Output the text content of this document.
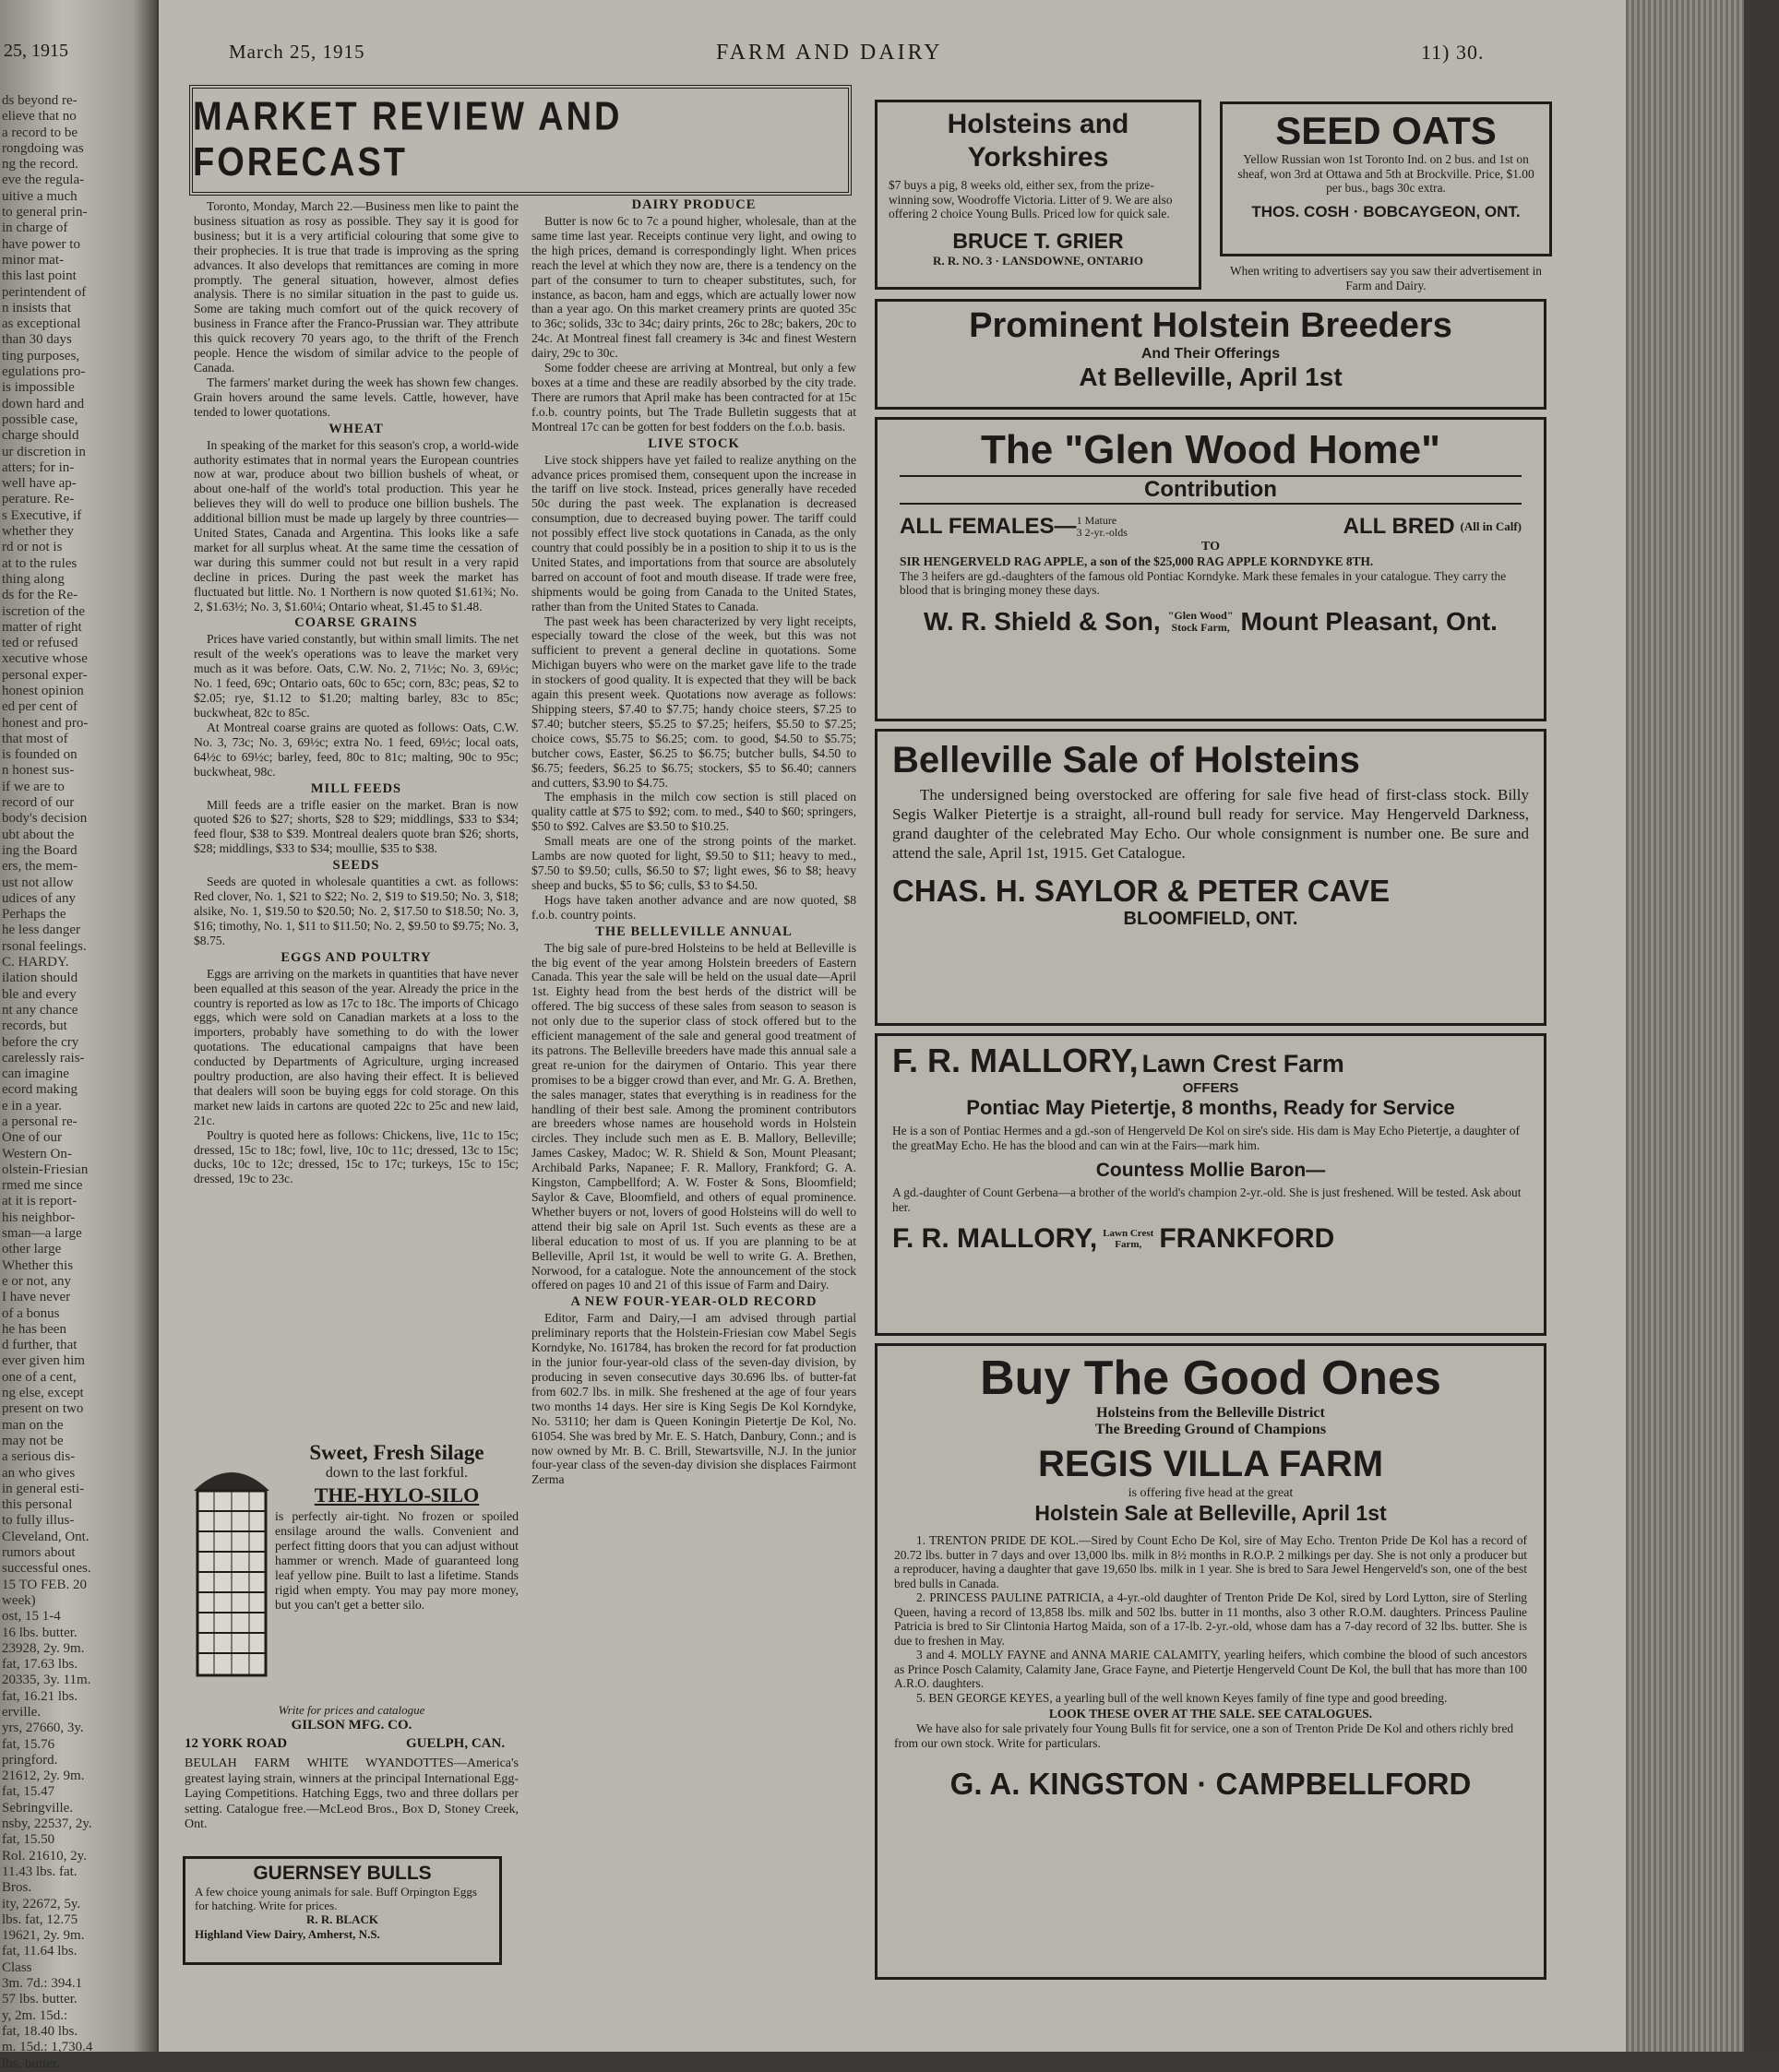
25, 1915
ds beyond re-
elieve that no
a record to be
rongdoing was
ng the record.
eve the regula-
uitive a much
to general prin-
in charge of
have power to
minor mat-
this last point
perintendent of
n insists that
as exceptional
than 30 days
ting purposes,
egulations pro-
is impossible
down hard and
possible case,
charge should
ur discretion in
atters; for in-
well have ap-
perature. Re-
s Executive, if
whether they
rd or not is
at to the rules
thing along
ds for the Re-
iscretion of the
matter of right
ted or refused
xecutive whose
personal exper-
honest opinion
ed per cent of
honest and pro-
that most of
is founded on
n honest sus-
if we are to
record of our
body's decision
ubt about the
ing the Board
ers, the mem-
ust not allow
udices of any
Perhaps the
he less danger
rsonal feelings.
C. HARDY.
ilation should
ble and every
nt any chance
records, but
before the cry
carelessly rais-
can imagine
ecord making
e in a year.
a personal re-
One of our
Western On-
olstein-Friesian
rmed me since
at it is report-
his neighbor-
sman—a large
other large
Whether this
e or not, any
I have never
of a bonus
he has been
d further, that
ever given him
one of a cent,
ng else, except
present on two
man on the
may not be
a serious dis-
an who gives
in general esti-
this personal
to fully illus-
Cleveland, Ont.
rumors about
successful ones.
15 TO FEB. 20
week)
ost, 15 1-4
16 lbs. butter.
23928, 2y. 9m.
fat, 17.63 lbs.
20335, 3y. 11m.
fat, 16.21 lbs.
erville.
yrs, 27660, 3y.
fat, 15.76
pringford.
21612, 2y. 9m.
fat, 15.47
Sebringville.
nsby, 22537, 2y.
fat, 15.50
Rol. 21610, 2y.
11.43 lbs. fat.
Bros.
ity, 22672, 5y.
lbs. fat, 12.75
19621, 2y. 9m.
fat, 11.64 lbs.
Class
3m. 7d.: 394.1
57 lbs. butter.
y, 2m. 15d.:
fat, 18.40 lbs.
m. 15d.: 1,730.4
lbs. butter.
March 25, 1915	FARM AND DAIRY	11) 30.
MARKET REVIEW AND FORECAST

Toronto, Monday, March 22.—Business men like to paint the business situation as rosy as possible. They say it is good for business; but it is a very artificial colouring that some give to their prophecies. It is true that trade is improving as the spring advances. It also develops that remittances are coming in more promptly. The general situation, however, almost defies analysis. There is no similar situation in the past to guide us. Some are taking much comfort out of the quick recovery of business in France after the Franco-Prussian war. They attribute this quick recovery 70 years ago, to the thrift of the French people. Hence the wisdom of similar advice to the people of Canada.

The farmers' market during the week has shown few changes. Grain hovers around the same levels. Cattle, however, have tended to lower quotations.

WHEAT

In speaking of the market for this season's crop, a world-wide authority estimates that in normal years the European countries now at war, produce about two billion bushels of wheat, or about one-half of the world's total production. This year he believes they will do well to produce one billion bushels. The additional billion must be made up largely by three countries—United States, Canada and Argentina. This looks like a safe market for all surplus wheat. At the same time the cessation of war during this summer could not but result in a very rapid decline in prices. During the past week the market has fluctuated but little. No. 1 Northern is now quoted $1.61¾; No. 2, $1.63½; No. 3, $1.60¼; Ontario wheat, $1.45 to $1.48.

COARSE GRAINS

Prices have varied constantly, but within small limits. The net result of the week's operations was to leave the market very much as it was before. Oats, C.W. No. 2, 71½c; No. 3, 69½c; No. 1 feed, 69c; Ontario oats, 60c to 65c; corn, 83c; peas, $2 to $2.05; rye, $1.12 to $1.20; malting barley, 83c to 85c; buckwheat, 82c to 85c.

At Montreal coarse grains are quoted as follows: Oats, C.W. No. 3, 73c; No. 3, 69½c; extra No. 1 feed, 69½c; local oats, 64½c to 69½c; barley, feed, 80c to 81c; malting, 90c to 95c; buckwheat, 98c.

MILL FEEDS

Mill feeds are a trifle easier on the market. Bran is now quoted $26 to $27; shorts, $28 to $29; middlings, $33 to $34; feed flour, $38 to $39. Montreal dealers quote bran $26; shorts, $28; middlings, $33 to $34; moullie, $35 to $38.

SEEDS

Seeds are quoted in wholesale quantities a cwt. as follows: Red clover, No. 1, $21 to $22; No. 2, $19 to $19.50; No. 3, $18; alsike, No. 1, $19.50 to $20.50; No. 2, $17.50 to $18.50; No. 3, $16; timothy, No. 1, $11 to $11.50; No. 2, $9.50 to $9.75; No. 3, $8.75.

EGGS AND POULTRY

Eggs are arriving on the markets in quantities that have never been equalled at this season of the year. Already the price in the country is reported as low as 17c to 18c. The imports of Chicago eggs, which were sold on Canadian markets at a loss to the importers, probably have something to do with the lower quotations. The educational campaigns that have been conducted by Departments of Agriculture, urging increased poultry production, are also having their effect. It is believed that dealers will soon be buying eggs for cold storage. On this market new laids in cartons are quoted 22c to 25c and new laid, 21c.

Poultry is quoted here as follows: Chickens, live, 11c to 15c; dressed, 15c to 18c; fowl, live, 10c to 11c; dressed, 13c to 15c; ducks, 10c to 12c; dressed, 15c to 17c; turkeys, 15c to 15c; dressed, 19c to 23c.

DAIRY PRODUCE

Butter is now 6c to 7c a pound higher, wholesale, than at the same time last year. Receipts continue very light, and owing to the high prices, demand is correspondingly light. When prices reach the level at which they now are, there is a tendency on the part of the consumer to turn to cheaper substitutes, such, for instance, as bacon, ham and eggs, which are actually lower now than a year ago. On this market creamery prints are quoted 35c to 36c; solids, 33c to 34c; dairy prints, 26c to 28c; bakers, 20c to 24c. At Montreal finest fall creamery is 34c and finest Western dairy, 29c to 30c.

Some fodder cheese are arriving at Montreal, but only a few boxes at a time and these are readily absorbed by the city trade. There are rumors that April make has been contracted for at 15c f.o.b. country points, but The Trade Bulletin suggests that at Montreal 17c can be gotten for best fodders on the f.o.b. basis.

LIVE STOCK

Live stock shippers have yet failed to realize anything on the advance prices promised them, consequent upon the increase in the tariff on live stock. Instead, prices generally have receded 50c during the past week. The explanation is decreased consumption, due to decreased buying power. The tariff could not possibly effect live stock quotations in Canada, as the only country that could possibly be in a position to ship it to us is the United States, and importations from that source are absolutely barred on account of foot and mouth disease. If trade were free, shipments would be going from Canada to the United States, rather than from the United States to Canada.

The past week has been characterized by very light receipts, especially toward the close of the week, but this was not sufficient to prevent a general decline in quotations. Some Michigan buyers who were on the market gave life to the trade in stockers of good quality. It is expected that they will be back again this present week. Quotations now average as follows: Shipping steers, $7.40 to $7.75; handy choice steers, $7.25 to $7.40; butcher steers, $5.25 to $7.25; heifers, $5.50 to $7.25; choice cows, $5.75 to $6.25; com. to good, $4.50 to $5.75; butcher cows, Easter, $6.25 to $6.75; butcher bulls, $4.50 to $6.75; feeders, $6.25 to $6.75; stockers, $5 to $6.40; canners and cutters, $3.90 to $4.75.

The emphasis in the milch cow section is still placed on quality cattle at $75 to $92; com. to med., $40 to $60; springers, $50 to $92. Calves are $3.50 to $10.25.

Small meats are one of the strong points of the market. Lambs are now quoted for light, $9.50 to $11; heavy to med., $7.50 to $9.50; culls, $6.50 to $7; light ewes, $6 to $8; heavy sheep and bucks, $5 to $6; culls, $3 to $4.50.

Hogs have taken another advance and are now quoted, $8 f.o.b. country points.

THE BELLEVILLE ANNUAL

The big sale of pure-bred Holsteins to be held at Belleville is the big event of the year among Holstein breeders of Eastern Canada. This year the sale will be held on the usual date—April 1st. Eighty head from the best herds of the district will be offered. The big success of these sales from season to season is not only due to the superior class of stock offered but to the efficient management of the sale and general good treatment of its patrons. The Belleville breeders have made this annual sale a great re-union for the dairymen of Ontario. This year there promises to be a bigger crowd than ever, and Mr. G. A. Brethen, the sales manager, states that everything is in readiness for the handling of their best sale. Among the prominent contributors are breeders whose names are household words in Holstein circles. They include such men as E. B. Mallory, Belleville; James Caskey, Madoc; W. R. Shield & Son, Mount Pleasant; Archibald Parks, Napanee; F. R. Mallory, Frankford; G. A. Kingston, Campbellford; A. W. Foster & Sons, Bloomfield; Saylor & Cave, Bloomfield, and others of equal prominence. Whether buyers or not, lovers of good Holsteins will do well to attend their big sale on April 1st. Such events as these are a liberal education to most of us. If you are planning to be at Belleville, April 1st, it would be well to write G. A. Brethen, Norwood, for a catalogue. Note the announcement of the stock offered on pages 10 and 21 of this issue of Farm and Dairy.

A NEW FOUR-YEAR-OLD RECORD

Editor, Farm and Dairy,—I am advised through partial preliminary reports that the Holstein-Friesian cow Mabel Segis Korndyke, No. 161784, has broken the record for fat production in the junior four-year-old class of the seven-day division, by producing in seven consecutive days 30.696 lbs. of butter-fat from 602.7 lbs. in milk. She freshened at the age of four years two months 14 days. Her sire is King Segis De Kol Korndyke, No. 53110; her dam is Queen Koningin Pietertje De Kol, No. 61054. She was bred by Mr. E. S. Hatch, Danbury, Conn.; and is now owned by Mr. B. C. Brill, Stewartsville, N.J. In the junior four-year class of the seven-day division she displaces Fairmont Zerma

Sweet, Fresh Silage
down to the last forkful.
THE-HYLO-SILO

is perfectly air-tight. No frozen or spoiled ensilage around the walls. Convenient and perfect fitting doors that you can adjust without hammer or wrench. Made of guaranteed long leaf yellow pine. Built to last a lifetime. Stands rigid when empty. You may pay more money, but you can't get a better silo.

Write for prices and catalogue
GILSON MFG. CO.
12 YORK ROAD	GUELPH, CAN.

BEULAH FARM WHITE WYANDOTTES—America's greatest laying strain, winners at the principal International Egg-Laying Competitions. Hatching Eggs, two and three dollars per setting. Catalogue free.—McLeod Bros., Box D, Stoney Creek, Ont.

GUERNSEY BULLS
A few choice young animals for sale. Buff Orpington Eggs for hatching. Write for prices.
R. R. BLACK
Highland View Dairy, Amherst, N.S.
Holsteins and Yorkshires
$7 buys a pig, 8 weeks old, either sex, from the prize-winning sow, Woodroffe Victoria. Litter of 9. We are also offering 2 choice Young Bulls. Priced low for quick sale.
BRUCE T. GRIER
R. R. NO. 3 · LANSDOWNE, ONTARIO
SEED OATS
Yellow Russian won 1st Toronto Ind. on 2 bus. and 1st on sheaf, won 3rd at Ottawa and 5th at Brockville. Price, $1.00 per bus., bags 30c extra.
THOS. COSH · BOBCAYGEON, ONT.
When writing to advertisers say you saw their advertisement in Farm and Dairy.
Prominent Holstein Breeders
And Their Offerings
At Belleville, April 1st
The "Glen Wood Home"
Contribution
ALL FEMALES— 1 Mature
3 2-yr.-olds	ALL BRED (All in Calf)
TO
SIR HENGERVELD RAG APPLE, a son of the $25,000 RAG APPLE KORNDYKE 8TH.
The 3 heifers are gd.-daughters of the famous old Pontiac Korndyke. Mark these females in your catalogue. They carry the blood that is bringing money these days.
W. R. Shield & Son, "Glen Wood"
Stock Farm, Mount Pleasant, Ont.
Belleville Sale of Holsteins
The undersigned being overstocked are offering for sale five head of first-class stock. Billy Segis Walker Pietertje is a straight, all-round bull ready for service. May Hengerveld Darkness, grand daughter of the celebrated May Echo. Our whole consignment is number one. Be sure and attend the sale, April 1st, 1915. Get Catalogue.
CHAS. H. SAYLOR & PETER CAVE
BLOOMFIELD, ONT.
F. R. MALLORY, Lawn Crest Farm
OFFERS
Pontiac May Pietertje, 8 months, Ready for Service
He is a son of Pontiac Hermes and a gd.-son of Hengerveld De Kol on sire's side. His dam is May Echo Pietertje, a daughter of the greatMay Echo. He has the blood and can win at the Fairs—mark him.
Countess Mollie Baron—
A gd.-daughter of Count Gerbena—a brother of the world's champion 2-yr.-old. She is just freshened. Will be tested. Ask about her.
F. R. MALLORY, Lawn Crest
Farm, FRANKFORD
Buy The Good Ones
Holsteins from the Belleville District
The Breeding Ground of Champions
REGIS VILLA FARM
is offering five head at the great
Holstein Sale at Belleville, April 1st
1. TRENTON PRIDE DE KOL.—Sired by Count Echo De Kol, sire of May Echo. Trenton Pride De Kol has a record of 20.72 lbs. butter in 7 days and over 13,000 lbs. milk in 8½ months in R.O.P. 2 milkings per day. She is not only a producer but a reproducer, having a daughter that gave 19,650 lbs. milk in 1 year. She is bred to Sara Jewel Hengerveld's son, one of the best bred bulls in Canada.
2. PRINCESS PAULINE PATRICIA, a 4-yr.-old daughter of Trenton Pride De Kol, sired by Lord Lytton, sire of Sterling Queen, having a record of 13,858 lbs. milk and 502 lbs. butter in 11 months, also 3 other R.O.M. daughters. Princess Pauline Patricia is bred to Sir Clintonia Hartog Maida, son of a 17-lb. 2-yr.-old, whose dam has a 7-day record of 32 lbs. butter. She is due to freshen in May.
3 and 4. MOLLY FAYNE and ANNA MARIE CALAMITY, yearling heifers, which combine the blood of such ancestors as Prince Posch Calamity, Calamity Jane, Grace Fayne, and Pietertje Hengerveld Count De Kol, the bull that has more than 100 A.R.O. daughters.
5. BEN GEORGE KEYES, a yearling bull of the well known Keyes family of fine type and good breeding.
LOOK THESE OVER AT THE SALE. SEE CATALOGUES.
We have also for sale privately four Young Bulls fit for service, one a son of Trenton Pride De Kol and others richly bred from our own stock. Write for particulars.
G. A. KINGSTON · CAMPBELLFORD
